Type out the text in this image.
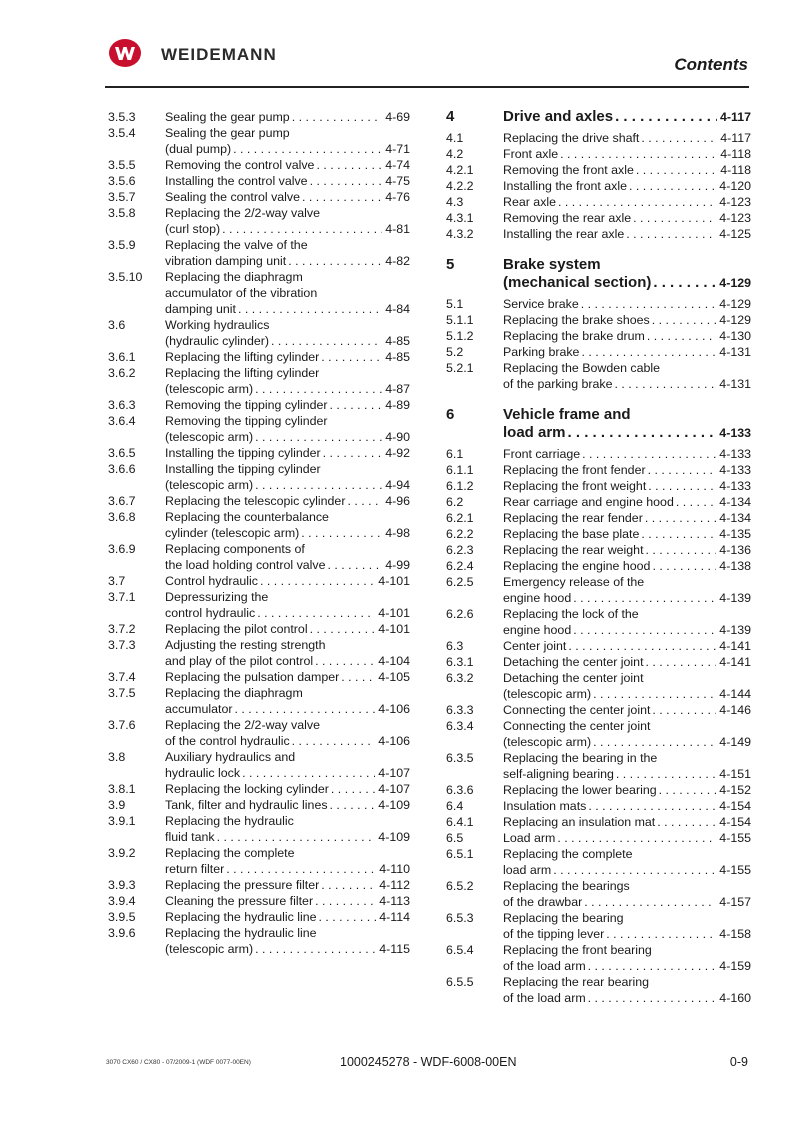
WEIDEMANN
Contents
3.5.3	Sealing the gear pump . . .	4-69
3.5.4	Sealing the gear pump
(dual pump) . . .	4-71
3.5.5	Removing the control valve . . .	4-74
3.5.6	Installing the control valve . . .	4-75
3.5.7	Sealing the control valve . . .	4-76
3.5.8	Replacing the 2/2-way valve
(curl stop) . . .	4-81
3.5.9	Replacing the valve of the
vibration damping unit . . .	4-82
3.5.10	Replacing the diaphragm
accumulator of the vibration
damping unit . . .	4-84
3.6	Working hydraulics
(hydraulic cylinder) . . .	4-85
3.6.1	Replacing the lifting cylinder . . .	4-85
3.6.2	Replacing the lifting cylinder
(telescopic arm) . . .	4-87
3.6.3	Removing the tipping cylinder . . .	4-89
3.6.4	Removing the tipping cylinder
(telescopic arm) . . .	4-90
3.6.5	Installing the tipping cylinder . . .	4-92
3.6.6	Installing the tipping cylinder
(telescopic arm) . . .	4-94
3.6.7	Replacing the telescopic cylinder . . .	4-96
3.6.8	Replacing the counterbalance
cylinder (telescopic arm) . . .	4-98
3.6.9	Replacing components of
the load holding control valve . . .	4-99
3.7	Control hydraulic . . .	4-101
3.7.1	Depressurizing the
control hydraulic . . .	4-101
3.7.2	Replacing the pilot control . . .	4-101
3.7.3	Adjusting the resting strength
and play of the pilot control . . .	4-104
3.7.4	Replacing the pulsation damper . . .	4-105
3.7.5	Replacing the diaphragm
accumulator . . .	4-106
3.7.6	Replacing the 2/2-way valve
of the control hydraulic . . .	4-106
3.8	Auxiliary hydraulics and
hydraulic lock . . .	4-107
3.8.1	Replacing the locking cylinder . . .	4-107
3.9	Tank, filter and hydraulic lines . . .	4-109
3.9.1	Replacing the hydraulic
fluid tank . . .	4-109
3.9.2	Replacing the complete
return filter . . .	4-110
3.9.3	Replacing the pressure filter . . .	4-112
3.9.4	Cleaning the pressure filter . . .	4-113
3.9.5	Replacing the hydraulic line . . .	4-114
3.9.6	Replacing the hydraulic line
(telescopic arm) . . .	4-115
4	Drive and axles . . .	4-117
4.1	Replacing the drive shaft . . .	4-117
4.2	Front axle . . .	4-118
4.2.1	Removing the front axle . . .	4-118
4.2.2	Installing the front axle . . .	4-120
4.3	Rear axle . . .	4-123
4.3.1	Removing the rear axle . . .	4-123
4.3.2	Installing the rear axle . . .	4-125
5	Brake system
(mechanical section) . . .	4-129
5.1	Service brake . . .	4-129
5.1.1	Replacing the brake shoes . . .	4-129
5.1.2	Replacing the brake drum . . .	4-130
5.2	Parking brake . . .	4-131
5.2.1	Replacing the Bowden cable
of the parking brake . . .	4-131
6	Vehicle frame and
load arm . . .	4-133
6.1	Front carriage . . .	4-133
6.1.1	Replacing the front fender . . .	4-133
6.1.2	Replacing the front weight . . .	4-133
6.2	Rear carriage and engine hood . . .	4-134
6.2.1	Replacing the rear fender . . .	4-134
6.2.2	Replacing the base plate . . .	4-135
6.2.3	Replacing the rear weight . . .	4-136
6.2.4	Replacing the engine hood . . .	4-138
6.2.5	Emergency release of the
engine hood . . .	4-139
6.2.6	Replacing the lock of the
engine hood . . .	4-139
6.3	Center joint . . .	4-141
6.3.1	Detaching the center joint . . .	4-141
6.3.2	Detaching the center joint
(telescopic arm) . . .	4-144
6.3.3	Connecting the center joint . . .	4-146
6.3.4	Connecting the center joint
(telescopic arm) . . .	4-149
6.3.5	Replacing the bearing in the
self-aligning bearing . . .	4-151
6.3.6	Replacing the lower bearing . . .	4-152
6.4	Insulation mats . . .	4-154
6.4.1	Replacing an insulation mat . . .	4-154
6.5	Load arm . . .	4-155
6.5.1	Replacing the complete
load arm . . .	4-155
6.5.2	Replacing the bearings
of the drawbar . . .	4-157
6.5.3	Replacing the bearing
of the tipping lever . . .	4-158
6.5.4	Replacing the front bearing
of the load arm . . .	4-159
6.5.5	Replacing the rear bearing
of the load arm . . .	4-160
3070 CX60 / CX80 - 07/2009-1 (WDF 0077-00EN)	1000245278 - WDF-6008-00EN	0-9
